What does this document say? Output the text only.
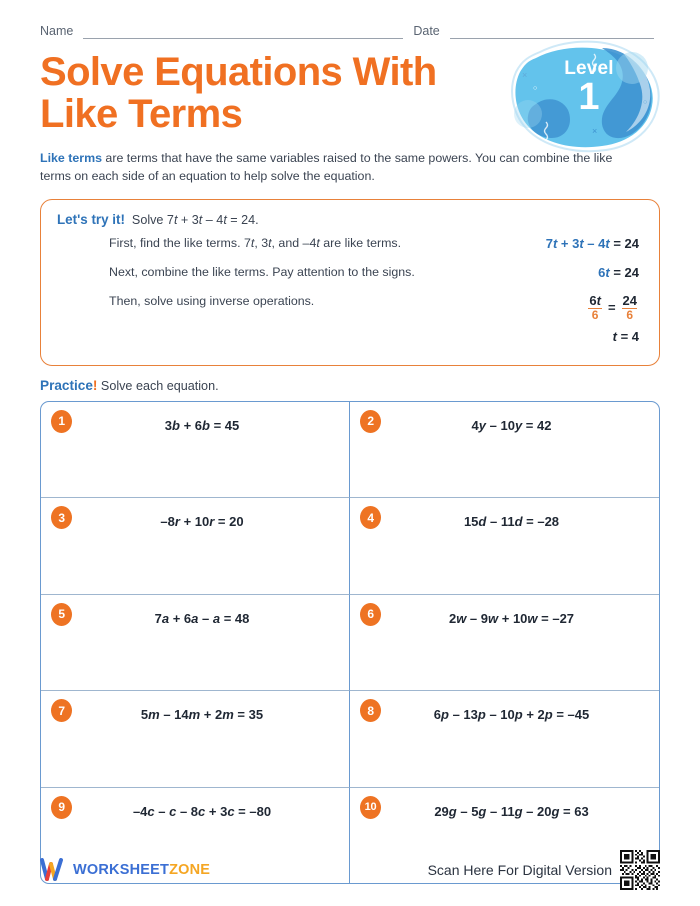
Name	Date
Solve Equations With
Like Terms
×
×
○
○
Level
1

Like terms are terms that have the same variables raised to the same powers. You can combine the like terms on each side of an equation to help solve the equation.

Let's try it!  Solve 7t + 3t – 4t = 24.
First, find the like terms. 7t, 3t, and –4t are like terms.	7t + 3t – 4t = 24
Next, combine the like terms. Pay attention to the signs.	6t = 24
Then, solve using inverse operations.	$\frac{6t}{6} = \frac{24}{6}$

t = 4
Practice! Solve each equation.
1	3b + 6b = 45	2	4y – 10y = 42
3	–8r + 10r = 20	4	15d – 11d = –28
5	7a + 6a – a = 48	6	2w – 9w + 10w = –27
7	5m – 14m + 2m = 35	8	6p – 13p – 10p + 2p = –45
9	–4c – c – 8c + 3c = –80	10	29g – 5g – 11g – 20g = 63
WORKSHEETZONE	Scan Here For Digital Version
